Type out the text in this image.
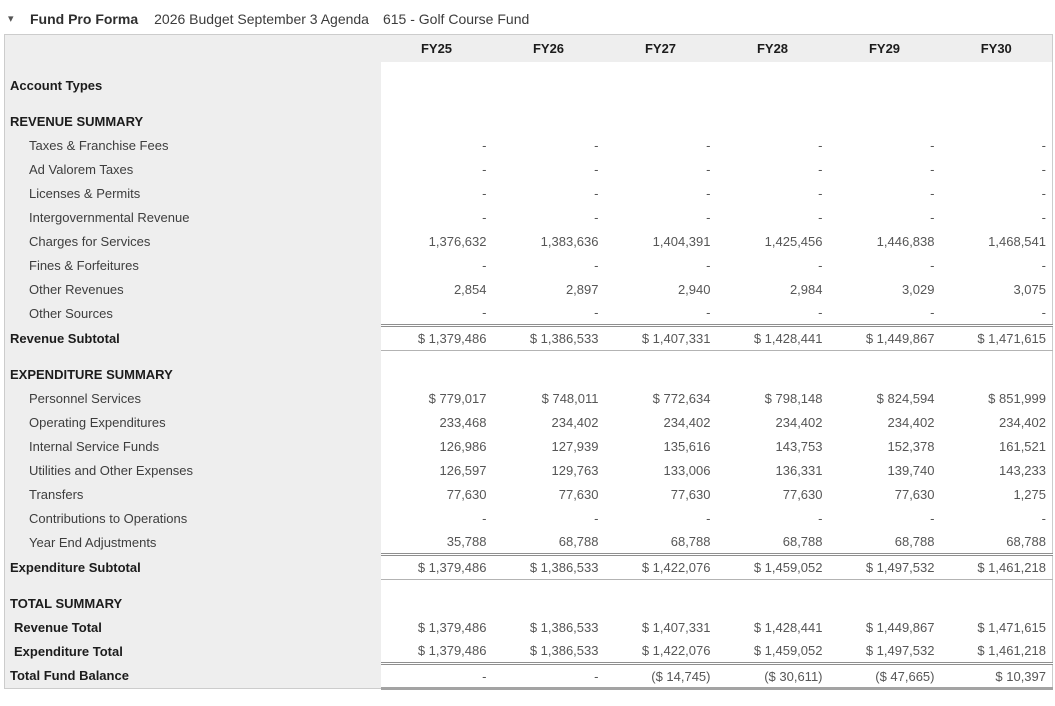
▾	Fund Pro Forma 2026 Budget September 3 Agenda 615 - Golf Course Fund
	FY25	FY26	FY27	FY28	FY29	FY30
Account Types						
REVENUE SUMMARY						
Taxes & Franchise Fees	-	-	-	-	-	-
Ad Valorem Taxes	-	-	-	-	-	-
Licenses & Permits	-	-	-	-	-	-
Intergovernmental Revenue	-	-	-	-	-	-
Charges for Services	1,376,632	1,383,636	1,404,391	1,425,456	1,446,838	1,468,541
Fines & Forfeitures	-	-	-	-	-	-
Other Revenues	2,854	2,897	2,940	2,984	3,029	3,075
Other Sources	-	-	-	-	-	-
Revenue Subtotal	$ 1,379,486	$ 1,386,533	$ 1,407,331	$ 1,428,441	$ 1,449,867	$ 1,471,615
EXPENDITURE SUMMARY						
Personnel Services	$ 779,017	$ 748,011	$ 772,634	$ 798,148	$ 824,594	$ 851,999
Operating Expenditures	233,468	234,402	234,402	234,402	234,402	234,402
Internal Service Funds	126,986	127,939	135,616	143,753	152,378	161,521
Utilities and Other Expenses	126,597	129,763	133,006	136,331	139,740	143,233
Transfers	77,630	77,630	77,630	77,630	77,630	1,275
Contributions to Operations	-	-	-	-	-	-
Year End Adjustments	35,788	68,788	68,788	68,788	68,788	68,788
Expenditure Subtotal	$ 1,379,486	$ 1,386,533	$ 1,422,076	$ 1,459,052	$ 1,497,532	$ 1,461,218
TOTAL SUMMARY						
Revenue Total	$ 1,379,486	$ 1,386,533	$ 1,407,331	$ 1,428,441	$ 1,449,867	$ 1,471,615
Expenditure Total	$ 1,379,486	$ 1,386,533	$ 1,422,076	$ 1,459,052	$ 1,497,532	$ 1,461,218
Total Fund Balance	-	-	($ 14,745)	($ 30,611)	($ 47,665)	$ 10,397
